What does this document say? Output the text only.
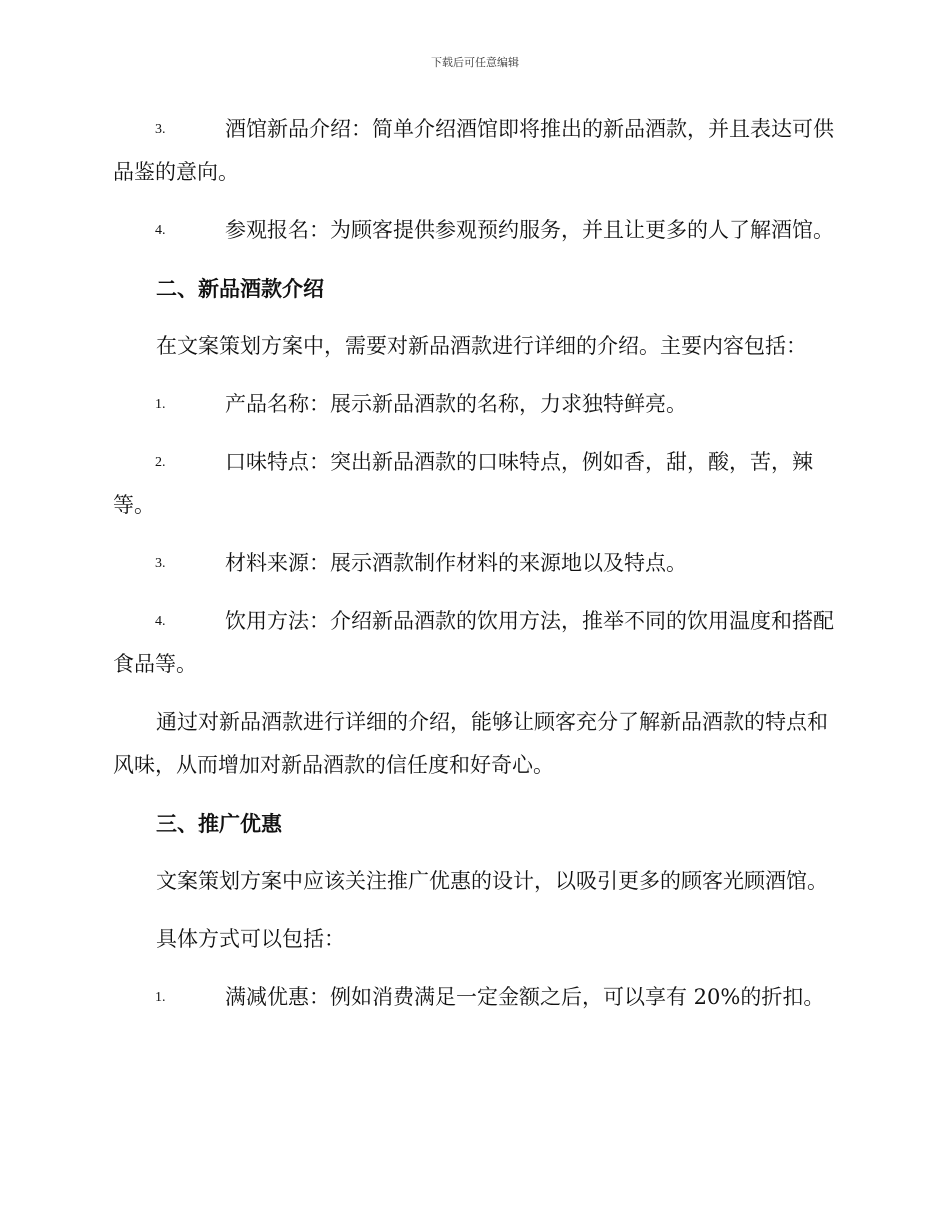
下载后可任意编辑
3.	酒馆新品介绍：简单介绍酒馆即将推出的新品酒款，并且表达可供品鉴的意向。

4.	参观报名：为顾客提供参观预约服务，并且让更多的人了解酒馆。

二、新品酒款介绍

在文案策划方案中，需要对新品酒款进行详细的介绍。主要内容包括：

1.	产品名称：展示新品酒款的名称，力求独特鲜亮。

2.	口味特点：突出新品酒款的口味特点，例如香，甜，酸，苦，辣等。

3.	材料来源：展示酒款制作材料的来源地以及特点。

4.	饮用方法：介绍新品酒款的饮用方法，推举不同的饮用温度和搭配食品等。

通过对新品酒款进行详细的介绍，能够让顾客充分了解新品酒款的特点和风味，从而增加对新品酒款的信任度和好奇心。

三、推广优惠

文案策划方案中应该关注推广优惠的设计，以吸引更多的顾客光顾酒馆。

具体方式可以包括：

1.	满减优惠：例如消费满足一定金额之后，可以享有 20%的折扣。
